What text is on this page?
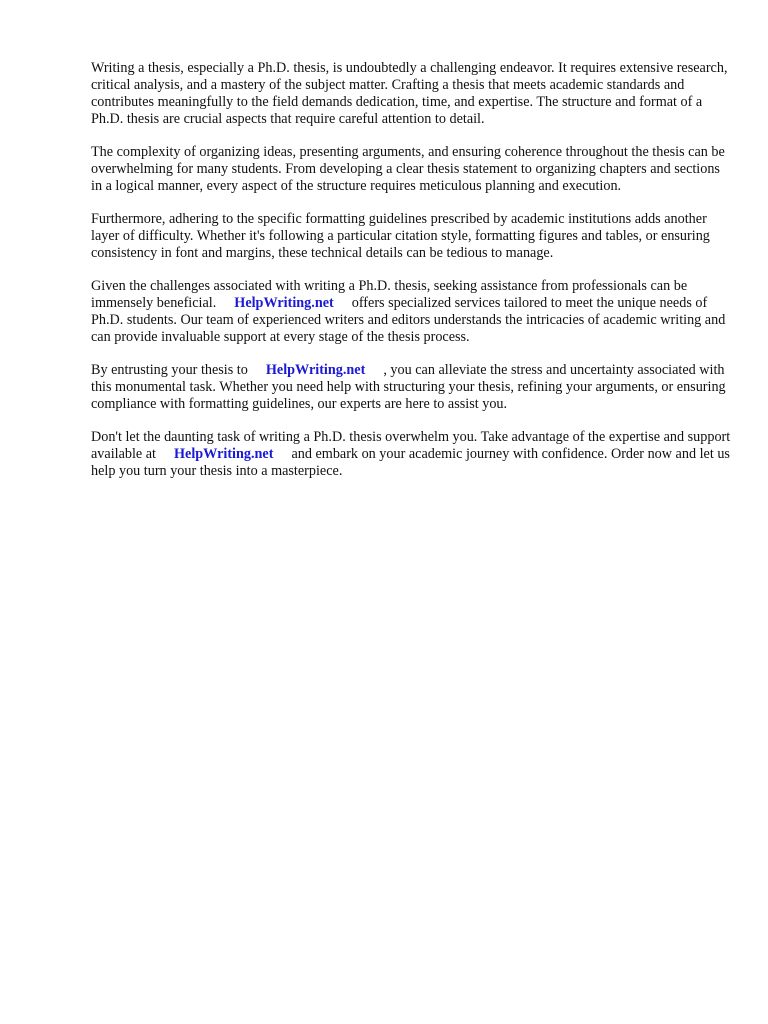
Writing a thesis, especially a Ph.D. thesis, is undoubtedly a challenging endeavor. It requires extensive research, critical analysis, and a mastery of the subject matter. Crafting a thesis that meets academic standards and contributes meaningfully to the field demands dedication, time, and expertise. The structure and format of a Ph.D. thesis are crucial aspects that require careful attention to detail.

The complexity of organizing ideas, presenting arguments, and ensuring coherence throughout the thesis can be overwhelming for many students. From developing a clear thesis statement to organizing chapters and sections in a logical manner, every aspect of the structure requires meticulous planning and execution.

Furthermore, adhering to the specific formatting guidelines prescribed by academic institutions adds another layer of difficulty. Whether it's following a particular citation style, formatting figures and tables, or ensuring consistency in font and margins, these technical details can be tedious to manage.

Given the challenges associated with writing a Ph.D. thesis, seeking assistance from professionals can be immensely beneficial. HelpWriting.net offers specialized services tailored to meet the unique needs of Ph.D. students. Our team of experienced writers and editors understands the intricacies of academic writing and can provide invaluable support at every stage of the thesis process.

By entrusting your thesis to HelpWriting.net , you can alleviate the stress and uncertainty associated with this monumental task. Whether you need help with structuring your thesis, refining your arguments, or ensuring compliance with formatting guidelines, our experts are here to assist you.

Don't let the daunting task of writing a Ph.D. thesis overwhelm you. Take advantage of the expertise and support available at HelpWriting.net and embark on your academic journey with confidence. Order now and let us help you turn your thesis into a masterpiece.
